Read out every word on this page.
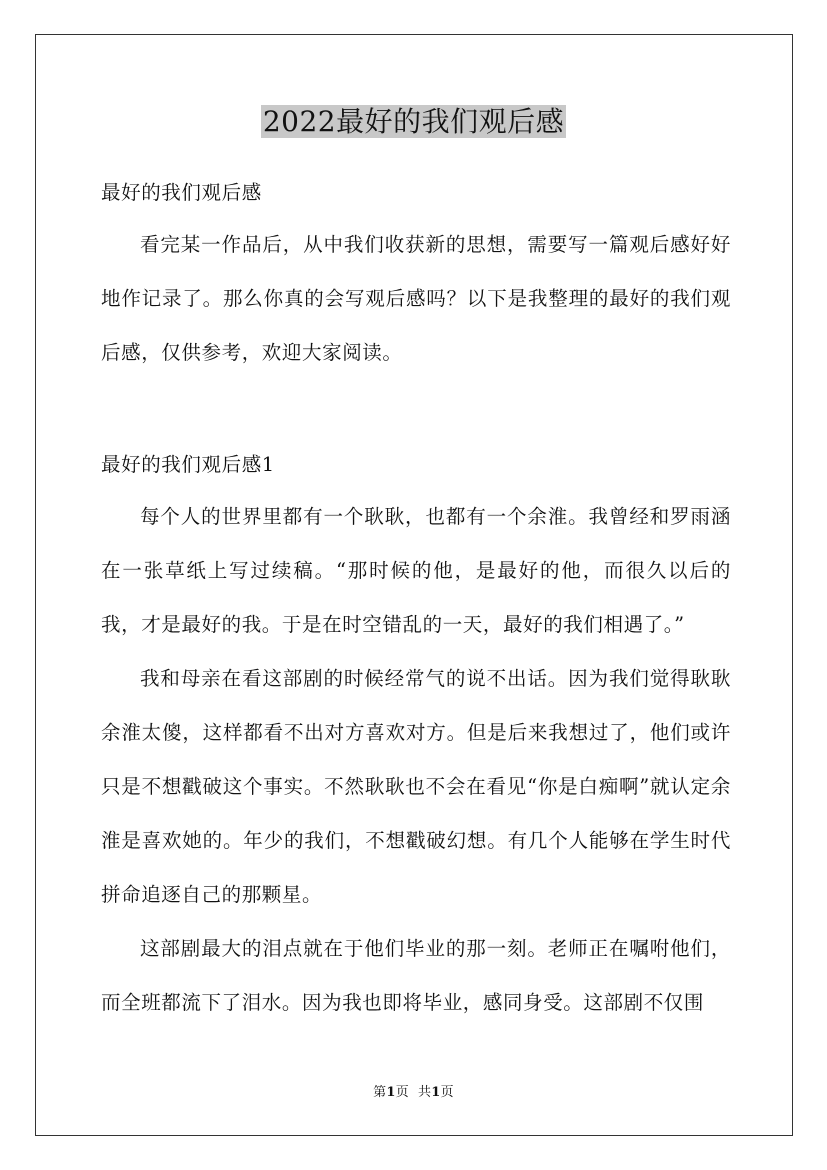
2022最好的我们观后感
最好的我们观后感

看完某一作品后，从中我们收获新的思想，需要写一篇观后感好好地作记录了。那么你真的会写观后感吗？以下是我整理的最好的我们观后感，仅供参考，欢迎大家阅读。

最好的我们观后感1

每个人的世界里都有一个耿耿，也都有一个余淮。我曾经和罗雨涵在一张草纸上写过续稿。“那时候的他，是最好的他，而很久以后的我，才是最好的我。于是在时空错乱的一天，最好的我们相遇了。”

我和母亲在看这部剧的时候经常气的说不出话。因为我们觉得耿耿余淮太傻，这样都看不出对方喜欢对方。但是后来我想过了，他们或许只是不想戳破这个事实。不然耿耿也不会在看见“你是白痴啊”就认定余淮是喜欢她的。年少的我们，不想戳破幻想。有几个人能够在学生时代拼命追逐自己的那颗星。

这部剧最大的泪点就在于他们毕业的那一刻。老师正在嘱咐他们，而全班都流下了泪水。因为我也即将毕业，感同身受。这部剧不仅围

第1页 共1页
